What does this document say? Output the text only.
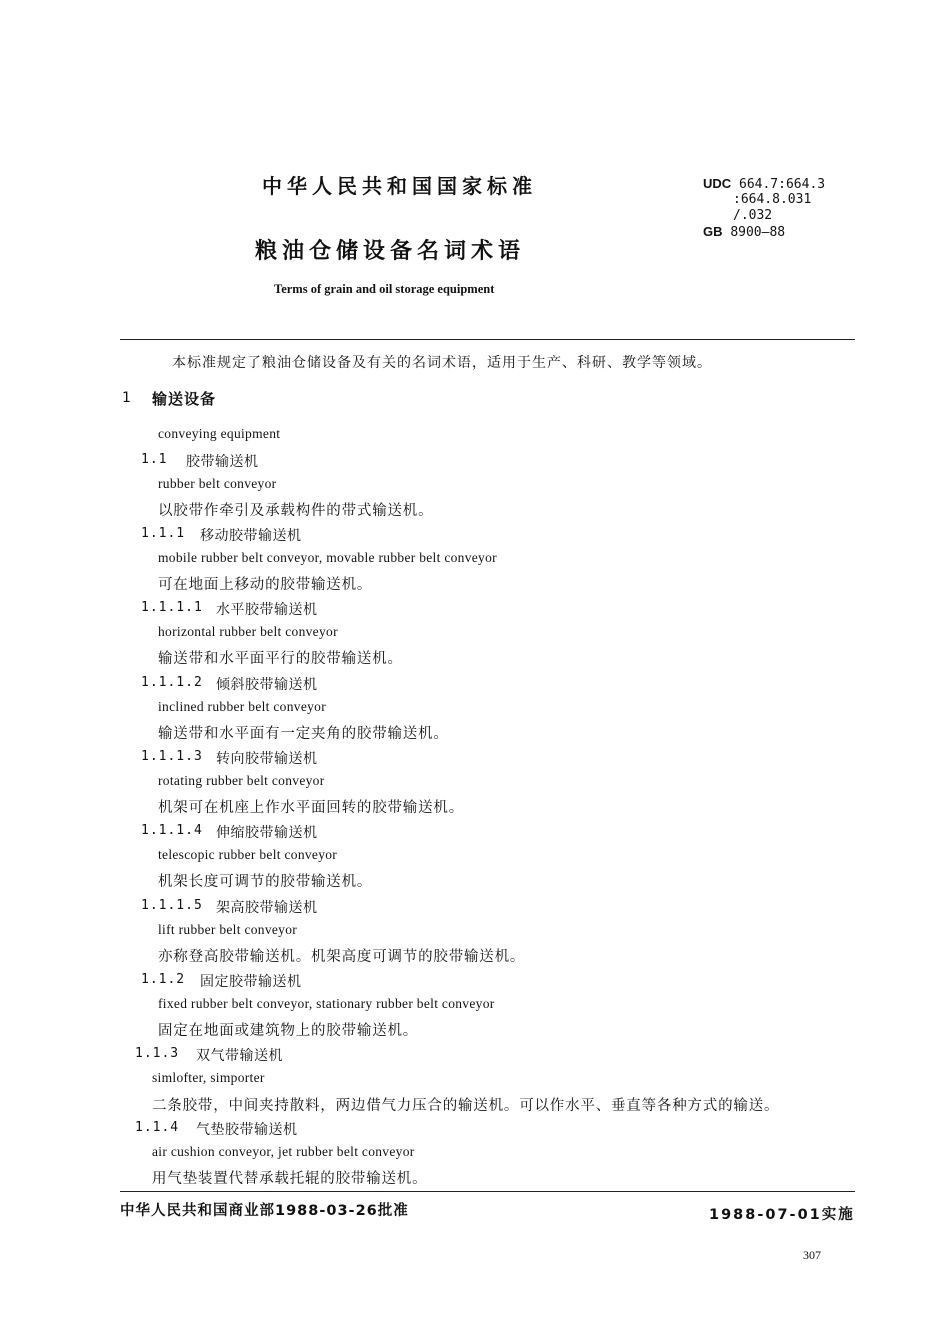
中华人民共和国国家标准
粮油仓储设备名词术语
Terms of grain and oil storage equipment
UDC 664.7:664.3
:664.8.031
/.032
GB 8900—88
本标准规定了粮油仓储设备及有关的名词术语，适用于生产、科研、教学等领域。
1 输送设备
conveying equipment
1.1 胶带输送机
rubber belt conveyor
以胶带作牵引及承载构件的带式输送机。
1.1.1 移动胶带输送机
mobile rubber belt conveyor, movable rubber belt conveyor
可在地面上移动的胶带输送机。
1.1.1.1 水平胶带输送机
horizontal rubber belt conveyor
输送带和水平面平行的胶带输送机。
1.1.1.2 倾斜胶带输送机
inclined rubber belt conveyor
输送带和水平面有一定夹角的胶带输送机。
1.1.1.3 转向胶带输送机
rotating rubber belt conveyor
机架可在机座上作水平面回转的胶带输送机。
1.1.1.4 伸缩胶带输送机
telescopic rubber belt conveyor
机架长度可调节的胶带输送机。
1.1.1.5 架高胶带输送机
lift rubber belt conveyor
亦称登高胶带输送机。机架高度可调节的胶带输送机。
1.1.2 固定胶带输送机
fixed rubber belt conveyor, stationary rubber belt conveyor
固定在地面或建筑物上的胶带输送机。
1.1.3 双气带输送机
simlofter, simporter
二条胶带，中间夹持散料，两边借气力压合的输送机。可以作水平、垂直等各种方式的输送。
1.1.4 气垫胶带输送机
air cushion conveyor, jet rubber belt conveyor
用气垫装置代替承载托辊的胶带输送机。
中华人民共和国商业部1988-03-26批准	1988-07-01实施
307
